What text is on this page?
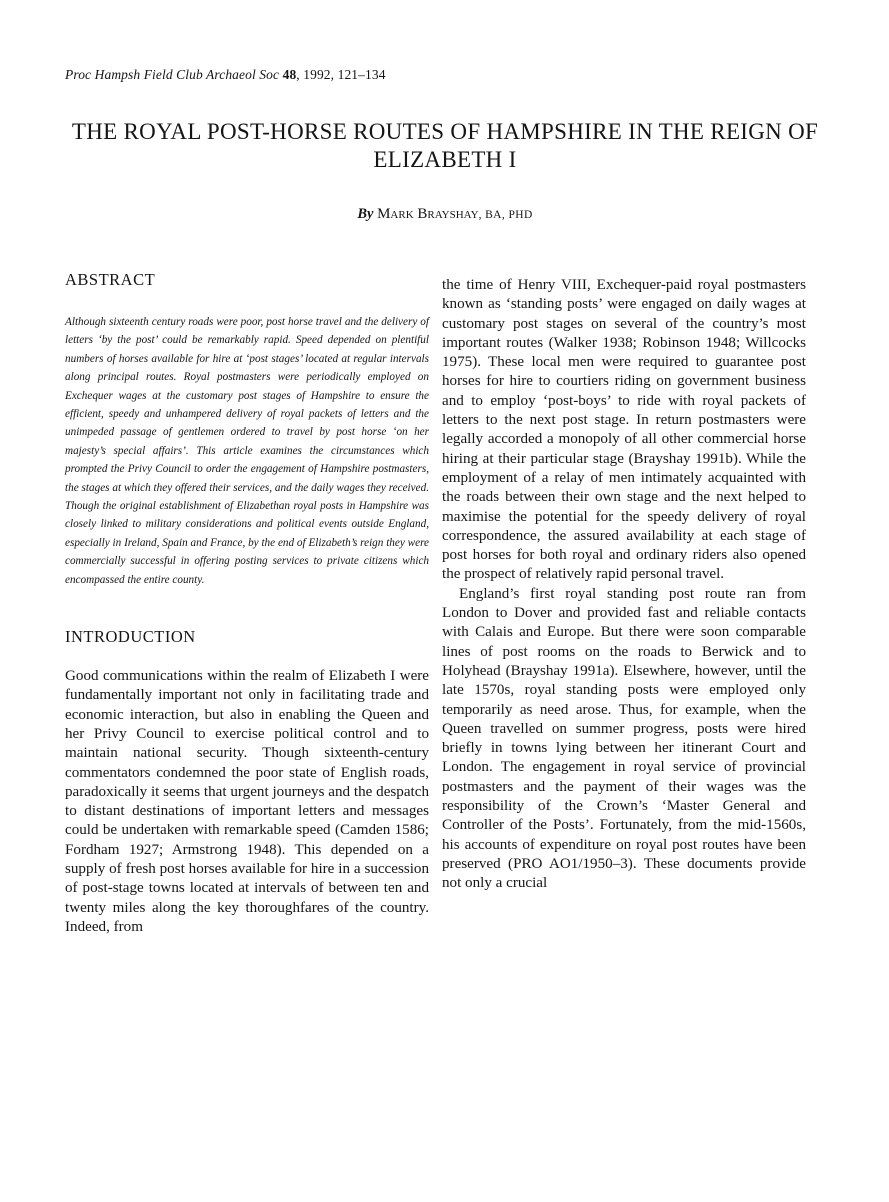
Proc Hampsh Field Club Archaeol Soc 48, 1992, 121–134
THE ROYAL POST-HORSE ROUTES OF HAMPSHIRE IN THE REIGN OF ELIZABETH I
By Mark Brayshay, BA, PHD
ABSTRACT

Although sixteenth century roads were poor, post horse travel and the delivery of letters ‘by the post’ could be remarkably rapid. Speed depended on plentiful numbers of horses available for hire at ‘post stages’ located at regular intervals along principal routes. Royal postmasters were periodically employed on Exchequer wages at the customary post stages of Hampshire to ensure the efficient, speedy and unhampered delivery of royal packets of letters and the unimpeded passage of gentlemen ordered to travel by post horse ‘on her majesty’s special affairs’. This article examines the circumstances which prompted the Privy Council to order the engagement of Hampshire postmasters, the stages at which they offered their services, and the daily wages they received. Though the original establishment of Elizabethan royal posts in Hampshire was closely linked to military considerations and political events outside England, especially in Ireland, Spain and France, by the end of Elizabeth’s reign they were commercially successful in offering posting services to private citizens which encompassed the entire county.

INTRODUCTION

Good communications within the realm of Elizabeth I were fundamentally important not only in facilitating trade and economic interaction, but also in enabling the Queen and her Privy Council to exercise political control and to maintain national security. Though sixteenth-century commentators condemned the poor state of English roads, paradoxically it seems that urgent journeys and the despatch to distant destinations of important letters and messages could be undertaken with remarkable speed (Camden 1586; Fordham 1927; Armstrong 1948). This depended on a supply of fresh post horses available for hire in a succession of post-stage towns located at intervals of between ten and twenty miles along the key thoroughfares of the country. Indeed, from

the time of Henry VIII, Exchequer-paid royal postmasters known as ‘standing posts’ were engaged on daily wages at customary post stages on several of the country’s most important routes (Walker 1938; Robinson 1948; Willcocks 1975). These local men were required to guarantee post horses for hire to courtiers riding on government business and to employ ‘post-boys’ to ride with royal packets of letters to the next post stage. In return postmasters were legally accorded a monopoly of all other commercial horse hiring at their particular stage (Brayshay 1991b). While the employment of a relay of men intimately acquainted with the roads between their own stage and the next helped to maximise the potential for the speedy delivery of royal correspondence, the assured availability at each stage of post horses for both royal and ordinary riders also opened the prospect of relatively rapid personal travel.

England’s first royal standing post route ran from London to Dover and provided fast and reliable contacts with Calais and Europe. But there were soon comparable lines of post rooms on the roads to Berwick and to Holyhead (Brayshay 1991a). Elsewhere, however, until the late 1570s, royal standing posts were employed only temporarily as need arose. Thus, for example, when the Queen travelled on summer progress, posts were hired briefly in towns lying between her itinerant Court and London. The engagement in royal service of provincial postmasters and the payment of their wages was the responsibility of the Crown’s ‘Master General and Controller of the Posts’. Fortunately, from the mid-1560s, his accounts of expenditure on royal post routes have been preserved (PRO AO1/1950–3). These documents provide not only a crucial
